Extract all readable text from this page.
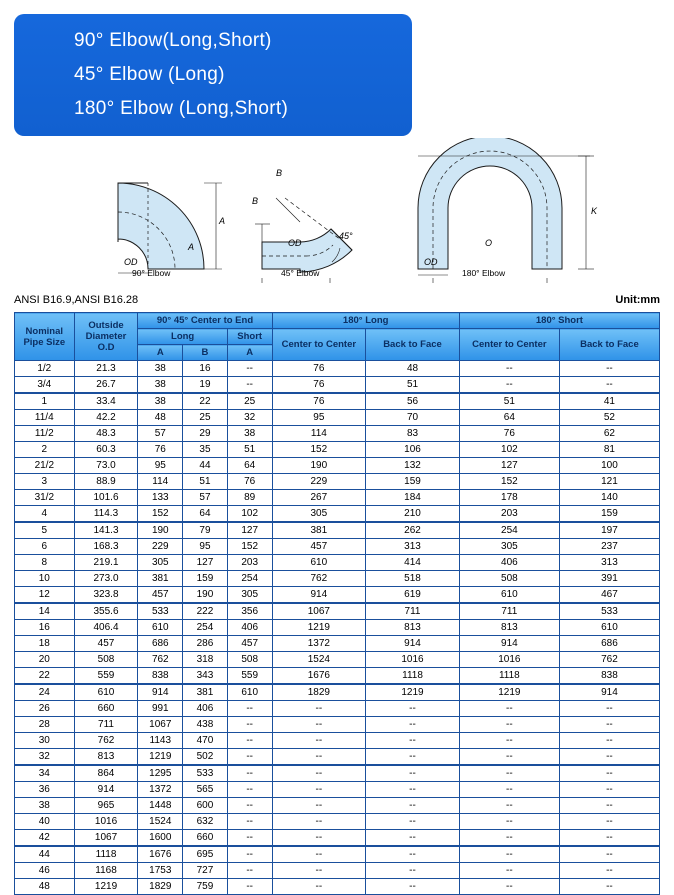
90° Elbow(Long,Short)
45° Elbow (Long)
180° Elbow (Long,Short)
A
A
OD
B
B
OD
45°
K
OD
O
90° Elbow	45° Elbow	180° Elbow
ANSI B16.9,ANSI B16.28	Unit:mm
Nominal
Pipe Size	Outside
Diameter
O.D	90° 45° Center to End			180° Long		180° Short	
		Long		Short	Center to Center	Back to Face	Center to Center	Back to Face
		A	B	A				
1/2	21.3	38	16	--	76	48	--	--
3/4	26.7	38	19	--	76	51	--	--
1	33.4	38	22	25	76	56	51	41
11/4	42.2	48	25	32	95	70	64	52
11/2	48.3	57	29	38	114	83	76	62
2	60.3	76	35	51	152	106	102	81
21/2	73.0	95	44	64	190	132	127	100
3	88.9	114	51	76	229	159	152	121
31/2	101.6	133	57	89	267	184	178	140
4	114.3	152	64	102	305	210	203	159
5	141.3	190	79	127	381	262	254	197
6	168.3	229	95	152	457	313	305	237
8	219.1	305	127	203	610	414	406	313
10	273.0	381	159	254	762	518	508	391
12	323.8	457	190	305	914	619	610	467
14	355.6	533	222	356	1067	711	711	533
16	406.4	610	254	406	1219	813	813	610
18	457	686	286	457	1372	914	914	686
20	508	762	318	508	1524	1016	1016	762
22	559	838	343	559	1676	1118	1118	838
24	610	914	381	610	1829	1219	1219	914
26	660	991	406	--	--	--	--	--
28	711	1067	438	--	--	--	--	--
30	762	1143	470	--	--	--	--	--
32	813	1219	502	--	--	--	--	--
34	864	1295	533	--	--	--	--	--
36	914	1372	565	--	--	--	--	--
38	965	1448	600	--	--	--	--	--
40	1016	1524	632	--	--	--	--	--
42	1067	1600	660	--	--	--	--	--
44	1118	1676	695	--	--	--	--	--
46	1168	1753	727	--	--	--	--	--
48	1219	1829	759	--	--	--	--	--
